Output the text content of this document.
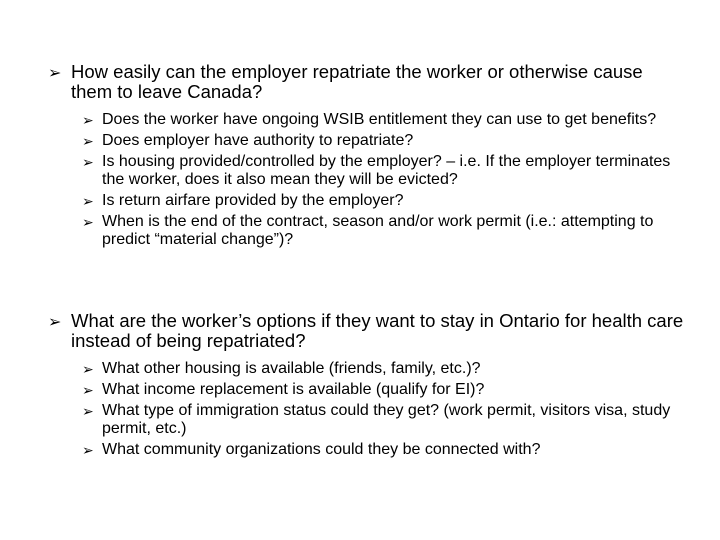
➢ How easily can the employer repatriate the worker or otherwise cause them to leave Canada?
➢ Does the worker have ongoing WSIB entitlement they can use to get benefits?
➢ Does employer have authority to repatriate?
➢ Is housing provided/controlled by the employer? – i.e. If the employer terminates the worker, does it also mean they will be evicted?
➢ Is return airfare provided by the employer?
➢ When is the end of the contract, season and/or work permit (i.e.: attempting to predict “material change”)?
➢ What are the worker’s options if they want to stay in Ontario for health care instead of being repatriated?
➢ What other housing is available (friends, family, etc.)?
➢ What income replacement is available (qualify for EI)?
➢ What type of immigration status could they get? (work permit, visitors visa, study permit, etc.)
➢ What community organizations could they be connected with?
